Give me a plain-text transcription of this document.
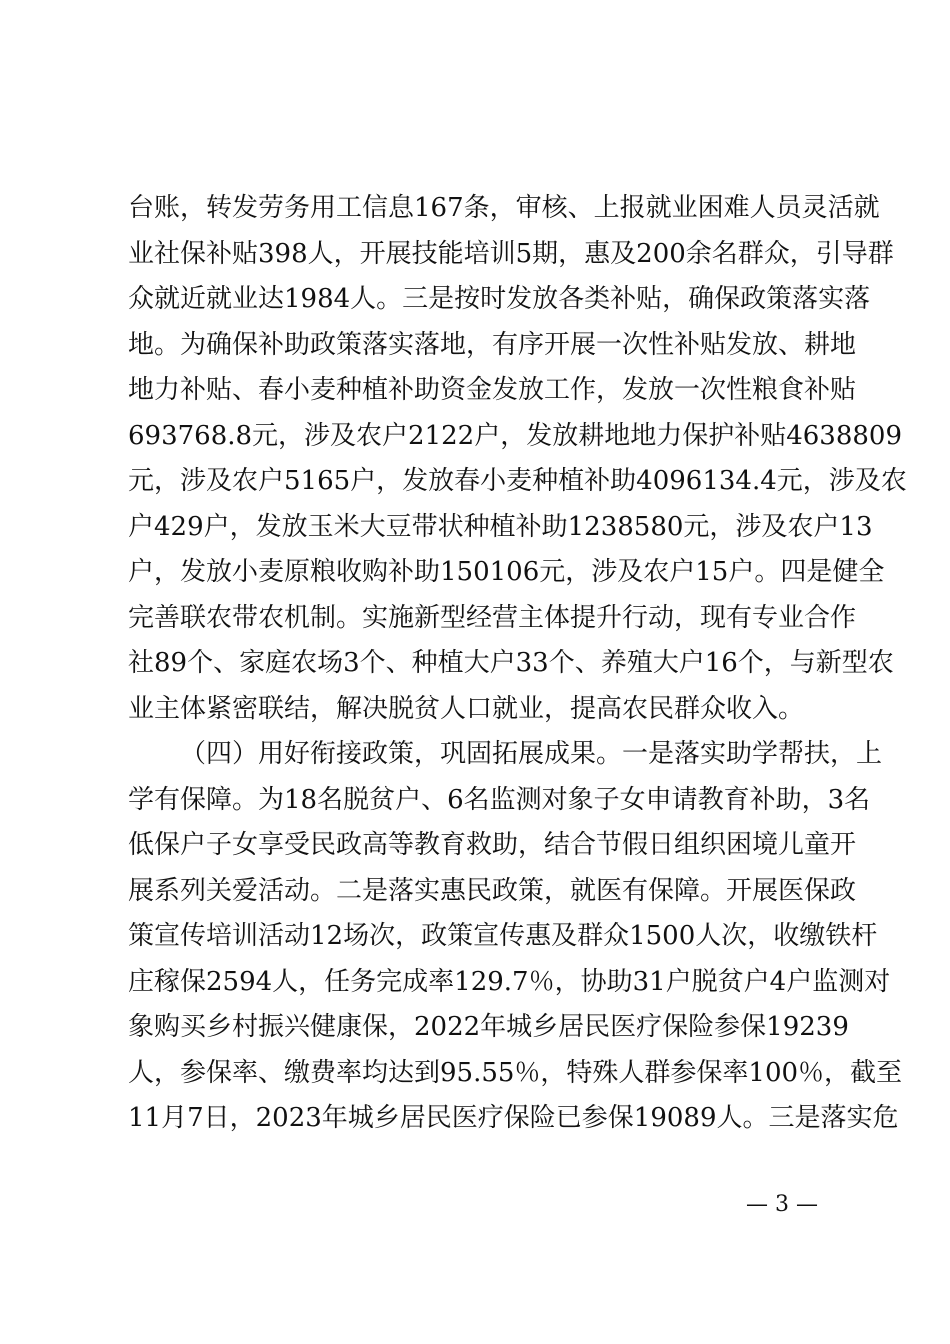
台账，转发劳务用工信息167条，审核、上报就业困难人员灵活就
业社保补贴398人，开展技能培训5期，惠及200余名群众，引导群
众就近就业达1984人。三是按时发放各类补贴，确保政策落实落
地。为确保补助政策落实落地，有序开展一次性补贴发放、耕地
地力补贴、春小麦种植补助资金发放工作，发放一次性粮食补贴
693768.8元，涉及农户2122户，发放耕地地力保护补贴4638809
元，涉及农户5165户，发放春小麦种植补助4096134.4元，涉及农
户429户，发放玉米大豆带状种植补助1238580元，涉及农户13
户，发放小麦原粮收购补助150106元，涉及农户15户。四是健全
完善联农带农机制。实施新型经营主体提升行动，现有专业合作
社89个、家庭农场3个、种植大户33个、养殖大户16个，与新型农
业主体紧密联结，解决脱贫人口就业，提高农民群众收入。
（四）用好衔接政策，巩固拓展成果。一是落实助学帮扶，上
学有保障。为18名脱贫户、6名监测对象子女申请教育补助，3名
低保户子女享受民政高等教育救助，结合节假日组织困境儿童开
展系列关爱活动。二是落实惠民政策，就医有保障。开展医保政
策宣传培训活动12场次，政策宣传惠及群众1500人次，收缴铁杆
庄稼保2594人，任务完成率129.7％，协助31户脱贫户4户监测对
象购买乡村振兴健康保，2022年城乡居民医疗保险参保19239
人，参保率、缴费率均达到95.55％，特殊人群参保率100％，截至
11月7日，2023年城乡居民医疗保险已参保19089人。三是落实危
— 3 —
